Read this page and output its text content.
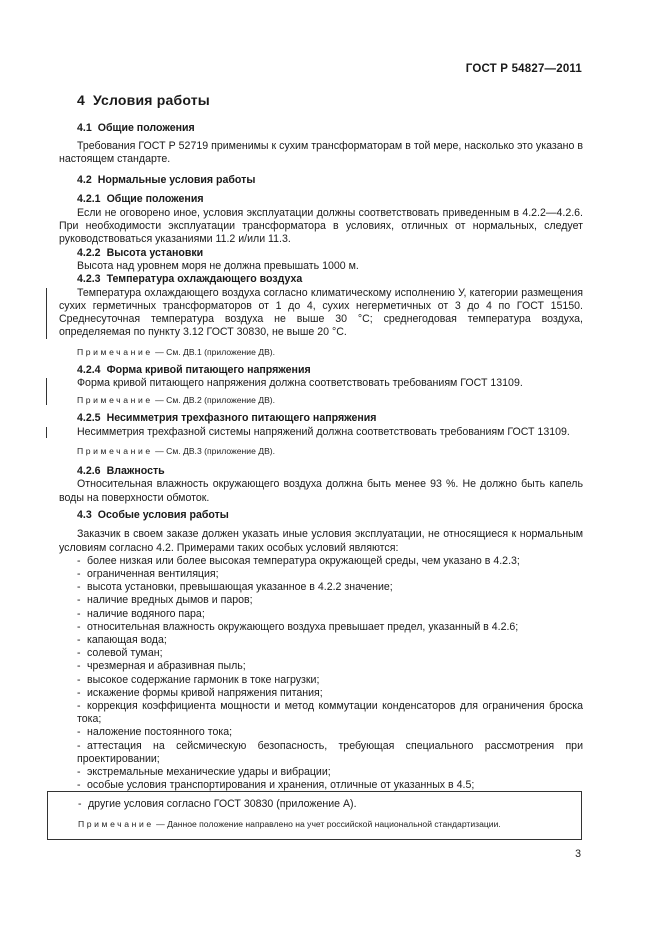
ГОСТ Р 54827—2011
4 Условия работы
4.1 Общие положения

Требования ГОСТ Р 52719 применимы к сухим трансформаторам в той мере, насколько это указано в настоящем стандарте.

4.2 Нормальные условия работы
4.2.1 Общие положения

Если не оговорено иное, условия эксплуатации должны соответствовать приведенным в 4.2.2—4.2.6. При необходимости эксплуатации трансформатора в условиях, отличных от нормальных, следует руководствоваться указаниями 11.2 и/или 11.3.

4.2.2 Высота установки

Высота над уровнем моря не должна превышать 1000 м.

4.2.3 Температура охлаждающего воздуха

Температура охлаждающего воздуха согласно климатическому исполнению У, категории размещения сухих герметичных трансформаторов от 1 до 4, сухих негерметичных от 3 до 4 по ГОСТ 15150. Среднесуточная температура воздуха не выше 30 °C; среднегодовая температура воздуха, определяемая по пункту 3.12 ГОСТ 30830, не выше 20 °C.

Примечание — См. ДВ.1 (приложение ДВ).
4.2.4 Форма кривой питающего напряжения

Форма кривой питающего напряжения должна соответствовать требованиям ГОСТ 13109.

Примечание — См. ДВ.2 (приложение ДВ).
4.2.5 Несимметрия трехфазного питающего напряжения

Несимметрия трехфазной системы напряжений должна соответствовать требованиям ГОСТ 13109.

Примечание — См. ДВ.3 (приложение ДВ).
4.2.6 Влажность

Относительная влажность окружающего воздуха должна быть менее 93 %. Не должно быть капель воды на поверхности обмоток.

4.3 Особые условия работы

Заказчик в своем заказе должен указать иные условия эксплуатации, не относящиеся к нормальным условиям согласно 4.2. Примерами таких особых условий являются:

- более низкая или более высокая температура окружающей среды, чем указано в 4.2.3;

- ограниченная вентиляция;

- высота установки, превышающая указанное в 4.2.2 значение;

- наличие вредных дымов и паров;

- наличие водяного пара;

- относительная влажность окружающего воздуха превышает предел, указанный в 4.2.6;

- капающая вода;

- солевой туман;

- чрезмерная и абразивная пыль;

- высокое содержание гармоник в токе нагрузки;

- искажение формы кривой напряжения питания;

- коррекция коэффициента мощности и метод коммутации конденсаторов для ограничения броска тока;

- наложение постоянного тока;

- аттестация на сейсмическую безопасность, требующая специального рассмотрения при проектировании;

- экстремальные механические удары и вибрации;

- особые условия транспортирования и хранения, отличные от указанных в 4.5;

- другие условия согласно ГОСТ 30830 (приложение А).

Примечание — Данное положение направлено на учет российской национальной стандартизации.
3
